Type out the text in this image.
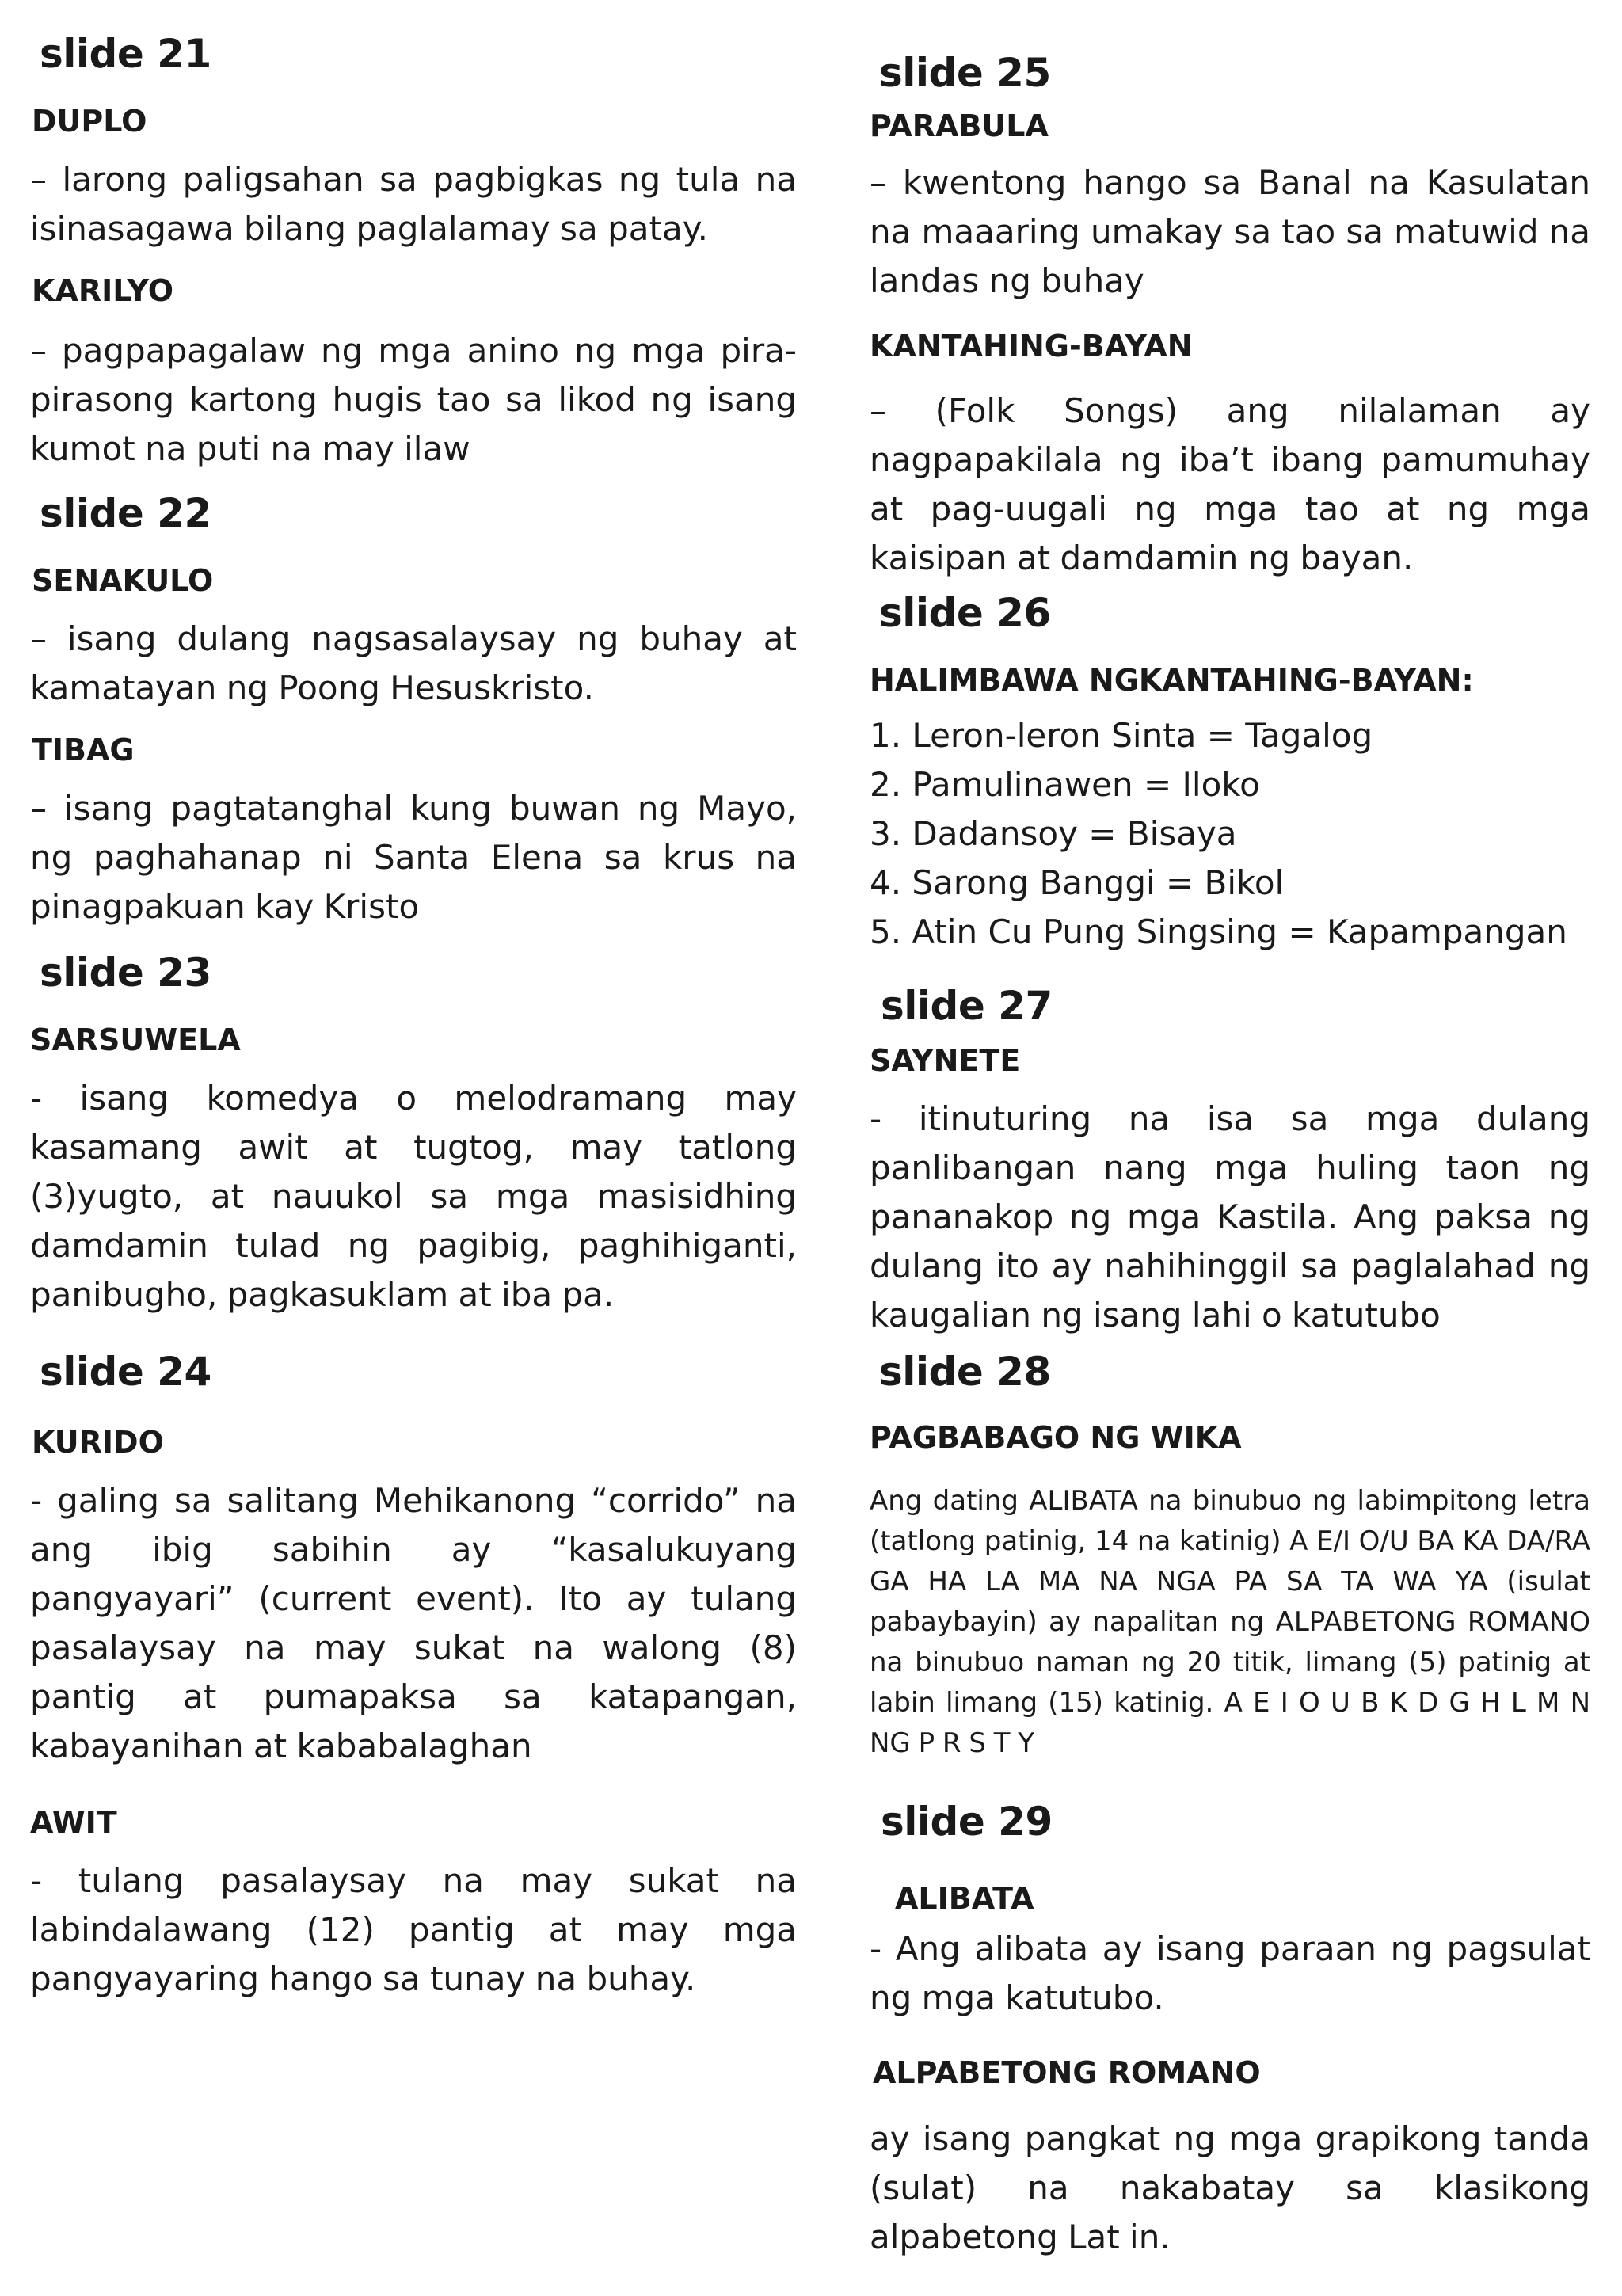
slide 21
DUPLO
– larong paligsahan sa pagbigkas ng tula na isinasagawa bilang paglalamay sa patay.
KARILYO
– pagpapagalaw ng mga anino ng mga pira-pirasong kartong hugis tao sa likod ng isang kumot na puti na may ilaw
slide 22
SENAKULO
– isang dulang nagsasalaysay ng buhay at kamatayan ng Poong Hesuskristo.
TIBAG
– isang pagtatanghal kung buwan ng Mayo, ng paghahanap ni Santa Elena sa krus na pinagpakuan kay Kristo
slide 23
SARSUWELA
- isang komedya o melodramang may kasamang awit at tugtog, may tatlong (3)yugto, at nauukol sa mga masisidhing damdamin tulad ng pagibig, paghihiganti, panibugho, pagkasuklam at iba pa.
slide 24
KURIDO
- galing sa salitang Mehikanong “corrido” na ang ibig sabihin ay “kasalukuyang pangyayari” (current event). Ito ay tulang pasalaysay na may sukat na walong (8) pantig at pumapaksa sa katapangan, kabayanihan at kababalaghan
AWIT
- tulang pasalaysay na may sukat na labindalawang (12) pantig at may mga pangyayaring hango sa tunay na buhay.
slide 25
PARABULA
– kwentong hango sa Banal na Kasulatan na maaaring umakay sa tao sa matuwid na landas ng buhay
KANTAHING-BAYAN
– (Folk Songs) ang nilalaman ay nagpapakilala ng iba’t ibang pamumuhay at pag-uugali ng mga tao at ng mga kaisipan at damdamin ng bayan.
slide 26
HALIMBAWA NGKANTAHING-BAYAN:
1. Leron-leron Sinta = Tagalog
2. Pamulinawen = Iloko
3. Dadansoy = Bisaya
4. Sarong Banggi = Bikol
5. Atin Cu Pung Singsing = Kapampangan
slide 27
SAYNETE
- itinuturing na isa sa mga dulang panlibangan nang mga huling taon ng pananakop ng mga Kastila. Ang paksa ng dulang ito ay nahihinggil sa paglalahad ng kaugalian ng isang lahi o katutubo
slide 28
PAGBABAGO NG WIKA
Ang dating ALIBATA na binubuo ng labimpitong letra (tatlong patinig, 14 na katinig) A E/I O/U BA KA DA/RA GA HA LA MA NA NGA PA SA TA WA YA (isulat pabaybayin) ay napalitan ng ALPABETONG ROMANO na binubuo naman ng 20 titik, limang (5) patinig at labin limang (15) katinig. A E I O U B K D G H L M N NG P R S T Y
slide 29
ALIBATA
- Ang alibata ay isang paraan ng pagsulat ng mga katutubo.
ALPABETONG ROMANO
ay isang pangkat ng mga grapikong tanda (sulat) na nakabatay sa klasikong alpabetong Lat in.
